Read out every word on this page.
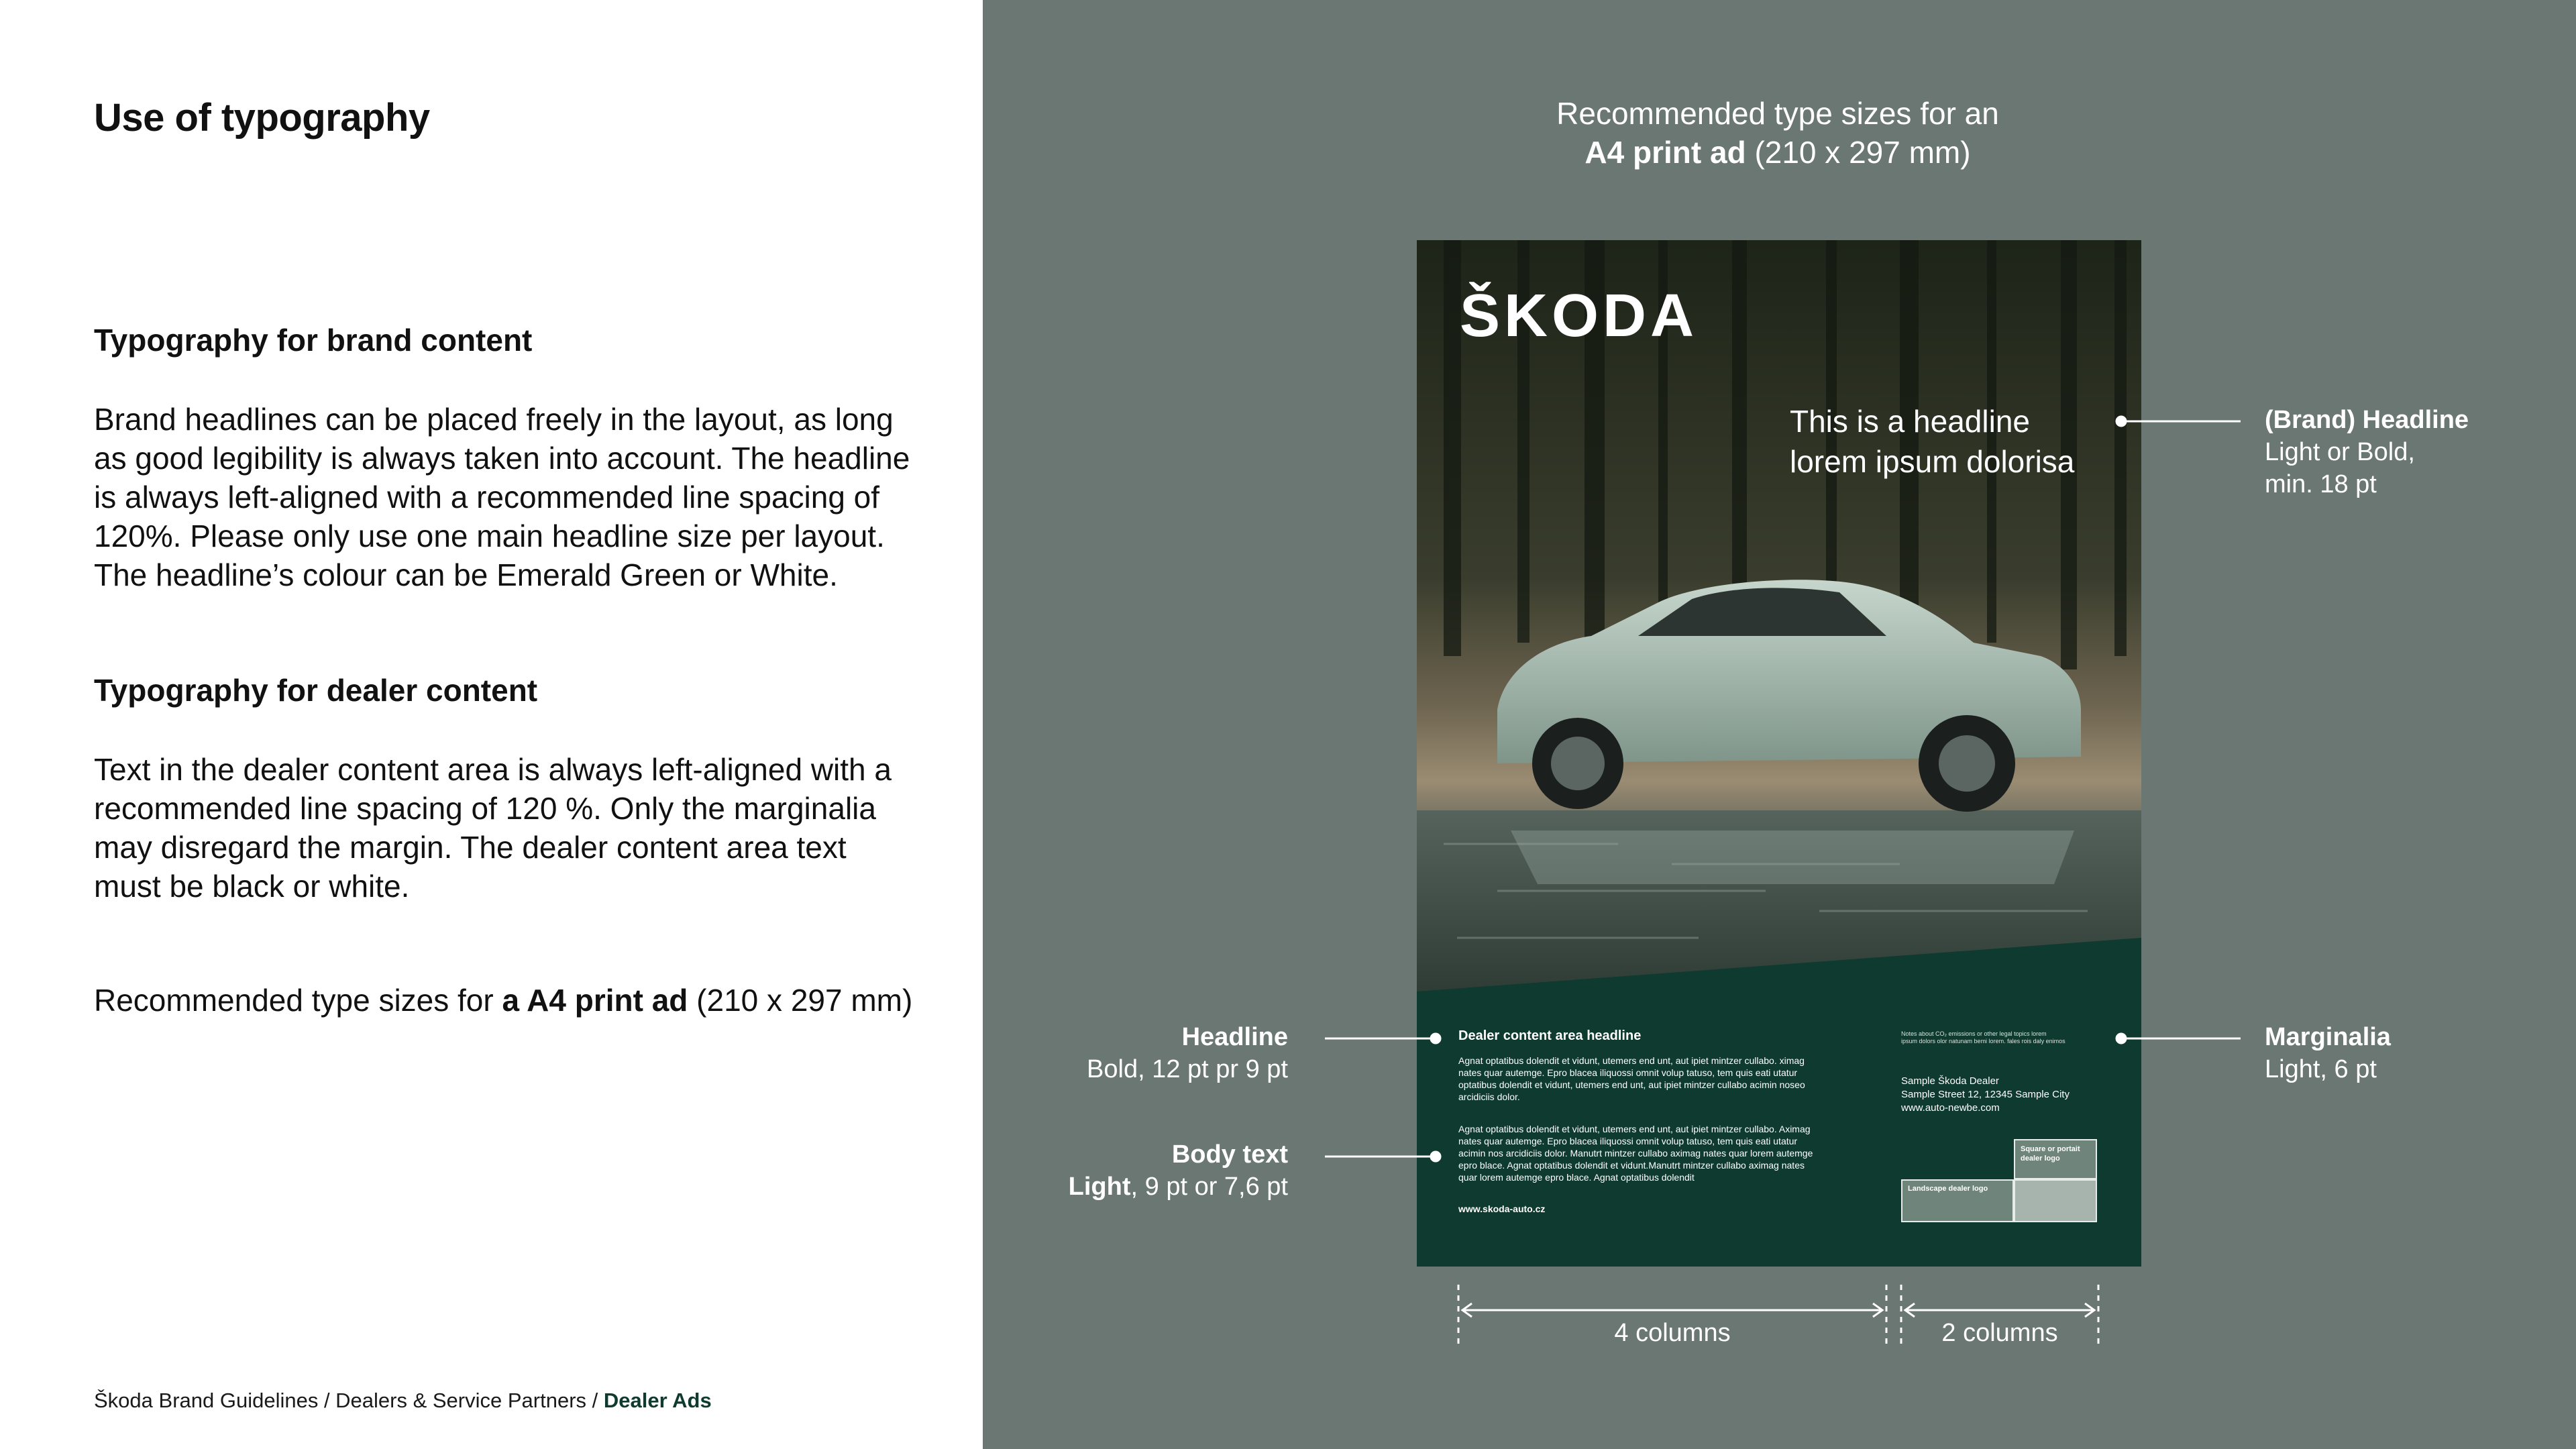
Use of typography
Typography for brand content
Brand headlines can be placed freely in the layout, as long
as good legibility is always taken into account. The headline
is always left-aligned with a recommended line spacing of
120%. Please only use one main headline size per layout.
The headline’s colour can be Emerald Green or White.
Typography for dealer content
Text in the dealer content area is always left-aligned with a
recommended line spacing of 120 %. Only the marginalia
may disregard the margin. The dealer content area text
must be black or white.
Recommended type sizes for a A4 print ad (210 x 297 mm)
Škoda Brand Guidelines / Dealers & Service Partners / Dealer Ads
Recommended type sizes for an
A4 print ad (210 x 297 mm)
ŠKODA
This is a headline
lorem ipsum dolorisa
Dealer content area headline
Agnat optatibus dolendit et vidunt, utemers end unt, aut ipiet mintzer cullabo. ximag
nates quar autemge. Epro blacea iliquossi omnit volup tatuso, tem quis eati utatur
optatibus dolendit et vidunt, utemers end unt, aut ipiet mintzer cullabo acimin noseo
arcidiciis dolor.
Agnat optatibus dolendit et vidunt, utemers end unt, aut ipiet mintzer cullabo. Aximag
nates quar autemge. Epro blacea iliquossi omnit volup tatuso, tem quis eati utatur
acimin nos arcidiciis dolor. Manutrt mintzer cullabo aximag nates quar lorem autemge
epro blace. Agnat optatibus dolendit et vidunt.Manutrt mintzer cullabo aximag nates
quar lorem autemge epro blace. Agnat optatibus dolendit
www.skoda-auto.cz
Notes about CO₂ emissions or other legal topics lorem
ipsum dolors olor natunam bemi lorem. fales rois daly enimos
Sample Škoda Dealer
Sample Street 12, 12345 Sample City
www.auto-newbe.com
Square or portait dealer logo
Landscape dealer logo
(Brand) Headline
Light or Bold,
min. 18 pt
Headline
Bold, 12 pt pr 9 pt
Body text
Light, 9 pt or 7,6 pt
Marginalia
Light, 6 pt
4 columns	2 columns
